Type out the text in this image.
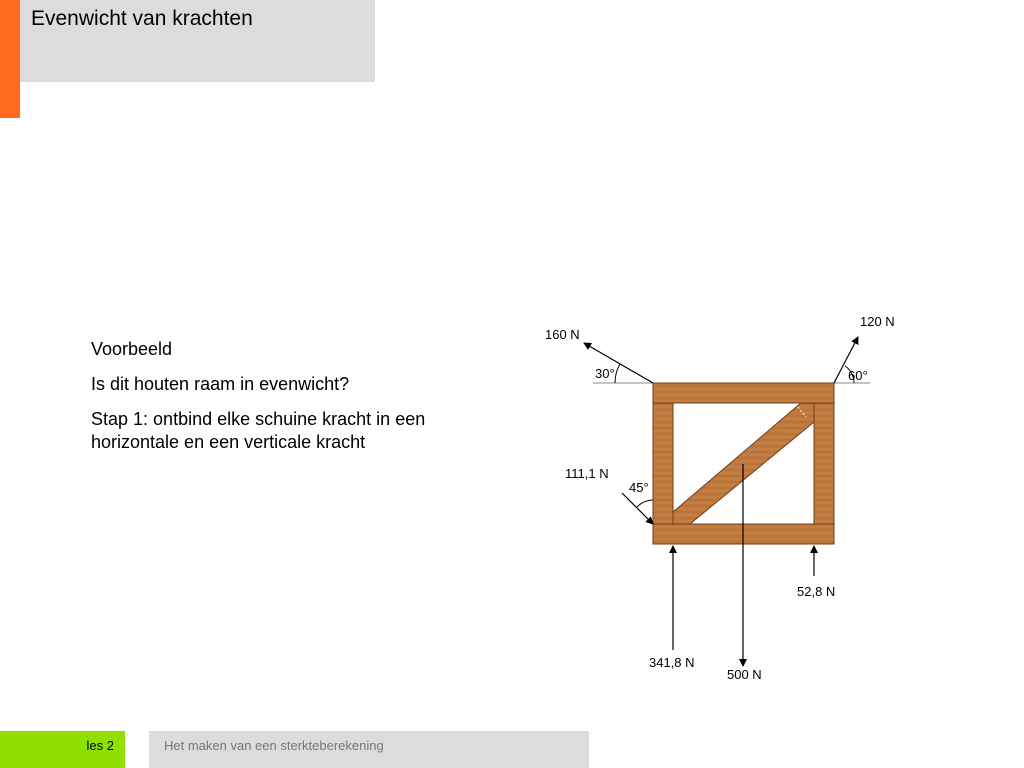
Evenwicht van krachten

Voorbeeld

Is dit houten raam in evenwicht?

Stap 1: ontbind elke schuine kracht in een horizontale en een verticale kracht

160 N
120 N
111,1 N
341,8 N
500 N
52,8 N
30°	60°
45°
les 2	Het maken van een sterkteberekening
